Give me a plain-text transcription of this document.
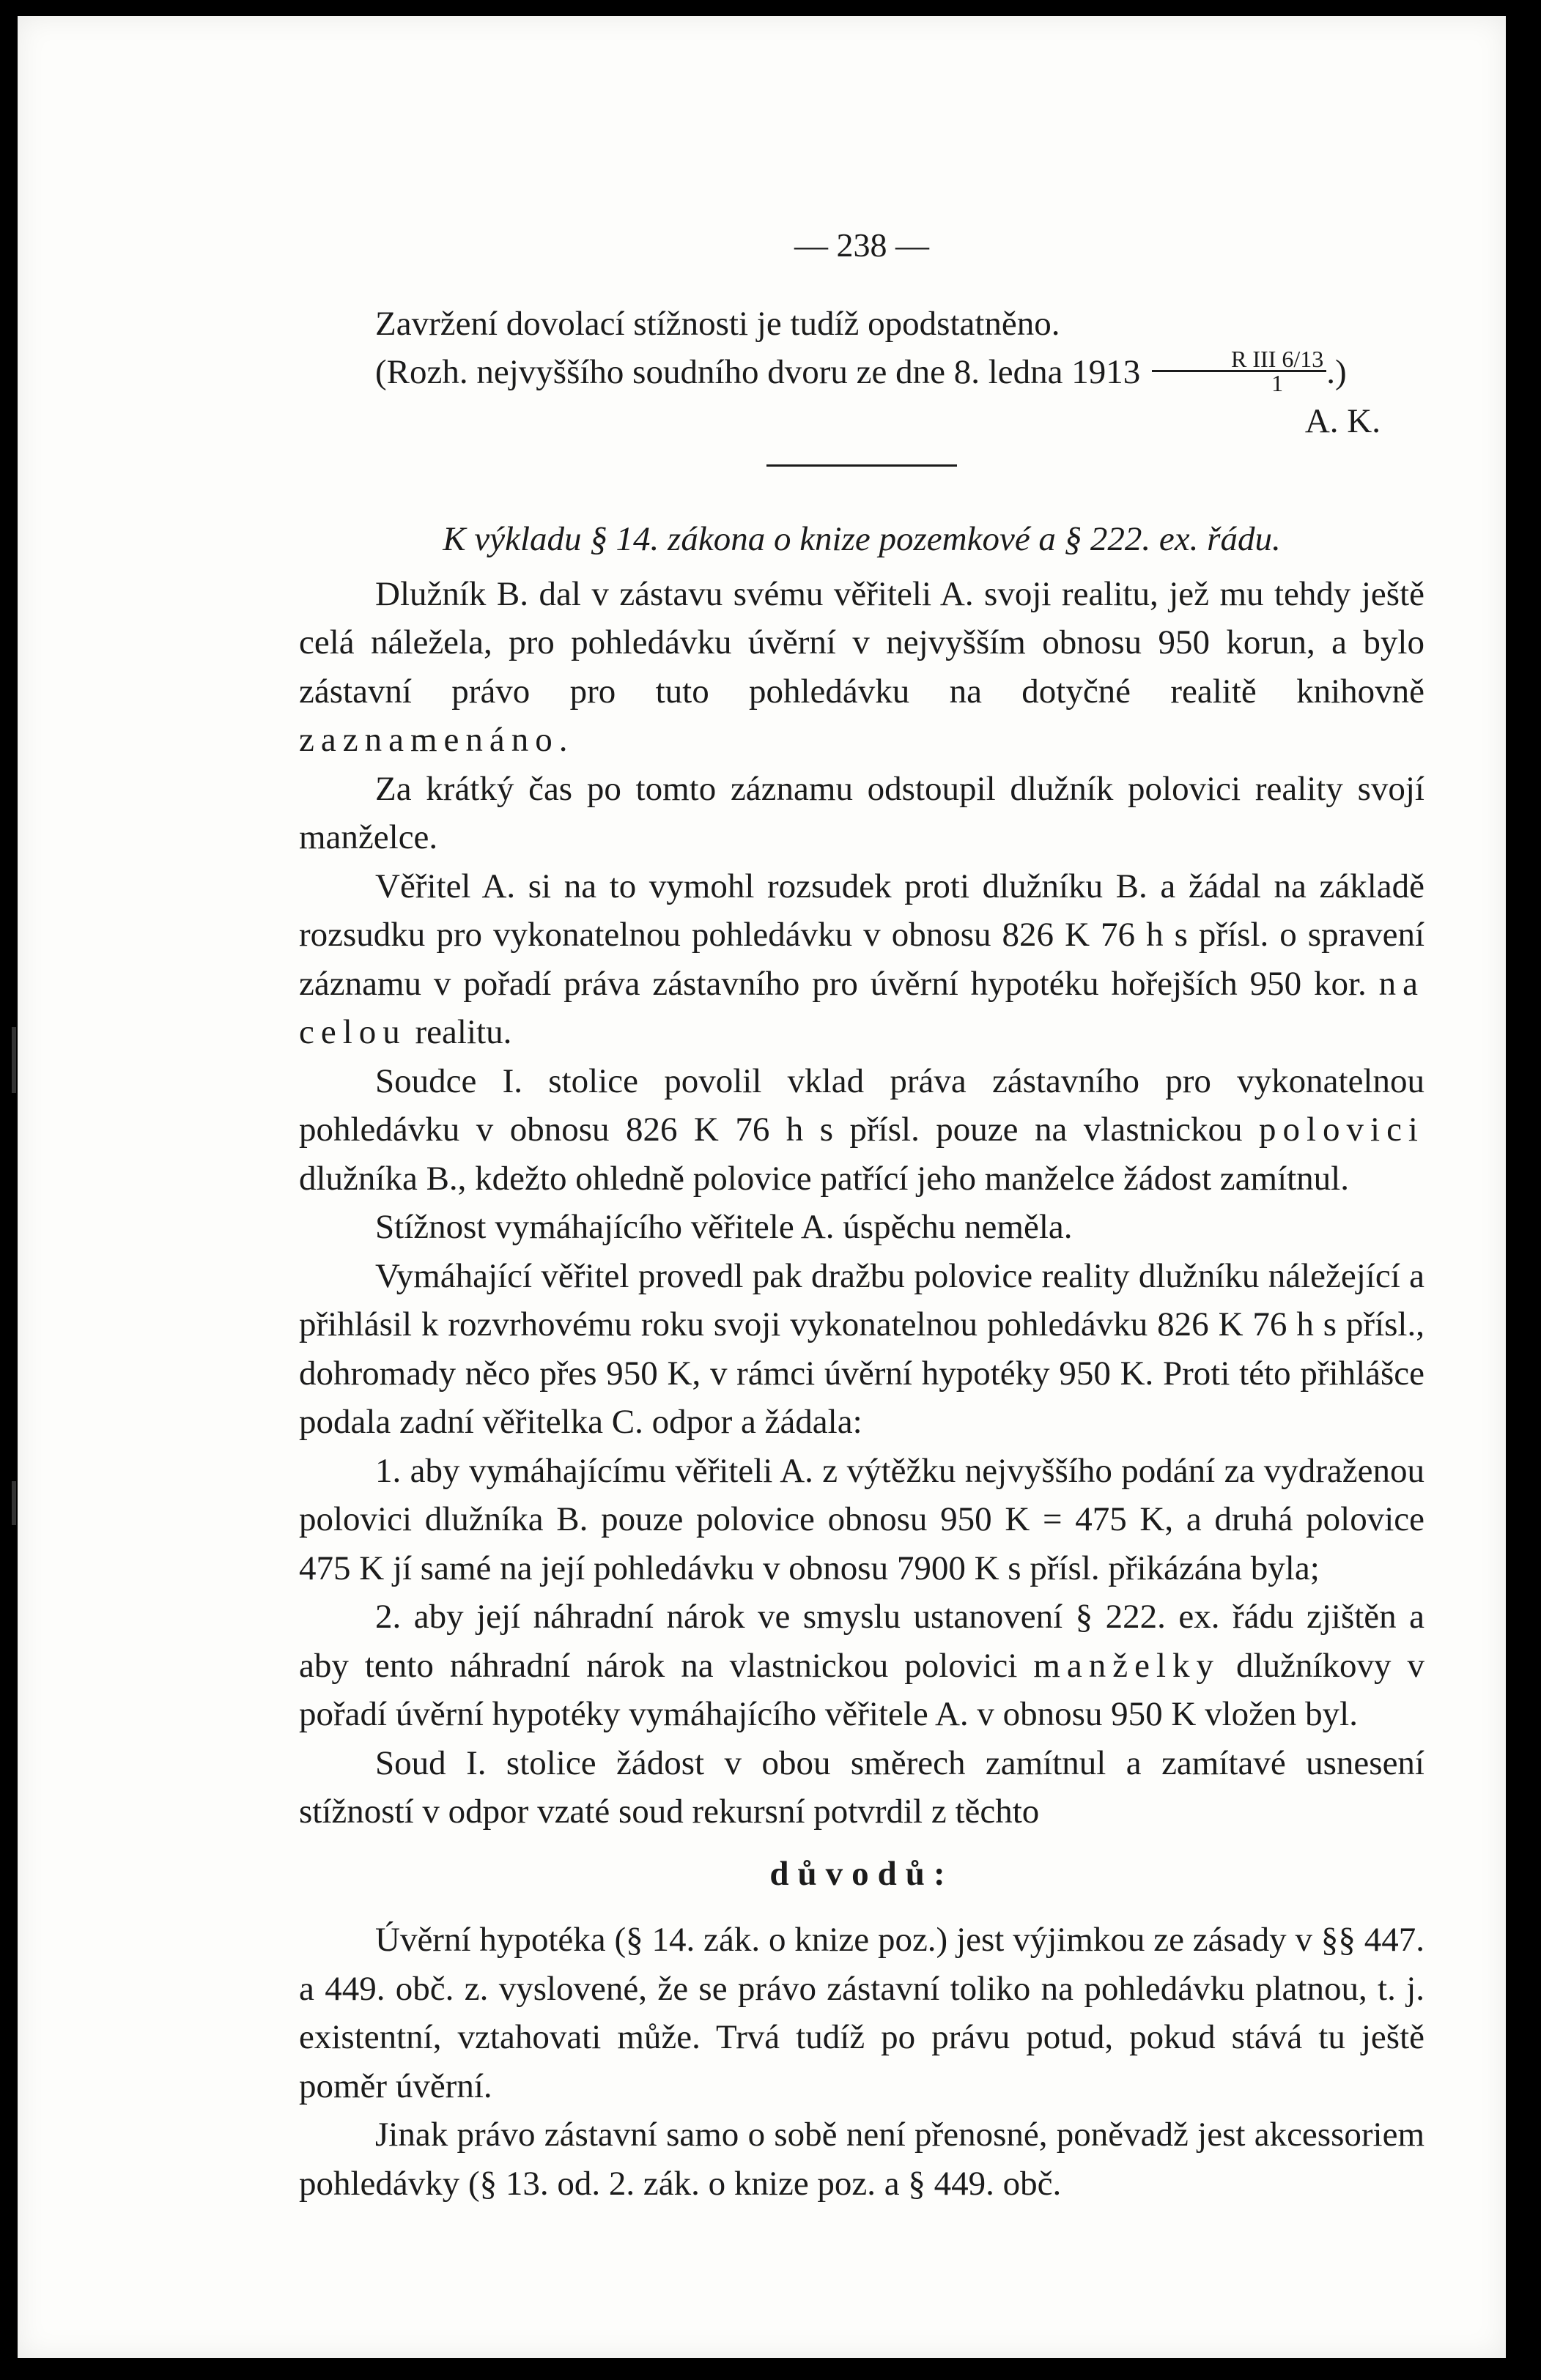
— 238 —

Zavržení dovolací stížnosti je tudíž opodstatněno.

(Rozh. nejvyššího soudního dvoru ze dne 8. ledna $1913 \frac{\text{R III 6/13}}{1}$ .)

A. K.

K výkladu § 14. zákona o knize pozemkové a § 222. ex. řádu.

Dlužník B. dal v zástavu svému věřiteli A. svoji realitu, jež mu tehdy ještě celá náležela, pro pohledávku úvěrní v nejvyšším obnosu 950 korun, a bylo zástavní právo pro tuto pohledávku na dotyčné realitě knihovně zaznamenáno.

Za krátký čas po tomto záznamu odstoupil dlužník polovici reality svojí manželce.

Věřitel A. si na to vymohl rozsudek proti dlužníku B. a žádal na základě rozsudku pro vykonatelnou pohledávku v obnosu 826 K 76 h s přísl. o spravení záznamu v pořadí práva zástavního pro úvěrní hypotéku hořejších 950 kor. na celou realitu.

Soudce I. stolice povolil vklad práva zástavního pro vykonatelnou pohledávku v obnosu 826 K 76 h s přísl. pouze na vlastnickou polovici dlužníka B., kdežto ohledně polovice patřící jeho manželce žádost zamítnul.

Stížnost vymáhajícího věřitele A. úspěchu neměla.

Vymáhající věřitel provedl pak dražbu polovice reality dlužníku náležející a přihlásil k rozvrhovému roku svoji vykonatelnou pohledávku 826 K 76 h s přísl., dohromady něco přes 950 K, v rámci úvěrní hypotéky 950 K. Proti této přihlášce podala zadní věřitelka C. odpor a žádala:

1. aby vymáhajícímu věřiteli A. z výtěžku nejvyššího podání za vydraženou polovici dlužníka B. pouze polovice obnosu 950 K = 475 K, a druhá polovice 475 K jí samé na její pohledávku v obnosu 7900 K s přísl. přikázána byla;

2. aby její náhradní nárok ve smyslu ustanovení § 222. ex. řádu zjištěn a aby tento náhradní nárok na vlastnickou polovici manželky dlužníkovy v pořadí úvěrní hypotéky vymáhajícího věřitele A. v obnosu 950 K vložen byl.

Soud I. stolice žádost v obou směrech zamítnul a zamítavé usnesení stížností v odpor vzaté soud rekursní potvrdil z těchto

důvodů:

Úvěrní hypotéka (§ 14. zák. o knize poz.) jest výjimkou ze zásady v §§ 447. a 449. obč. z. vyslovené, že se právo zástavní toliko na pohledávku platnou, t. j. existentní, vztahovati může. Trvá tudíž po právu potud, pokud stává tu ještě poměr úvěrní.

Jinak právo zástavní samo o sobě není přenosné, poněvadž jest akcessoriem pohledávky (§ 13. od. 2. zák. o knize poz. a § 449. obč.
